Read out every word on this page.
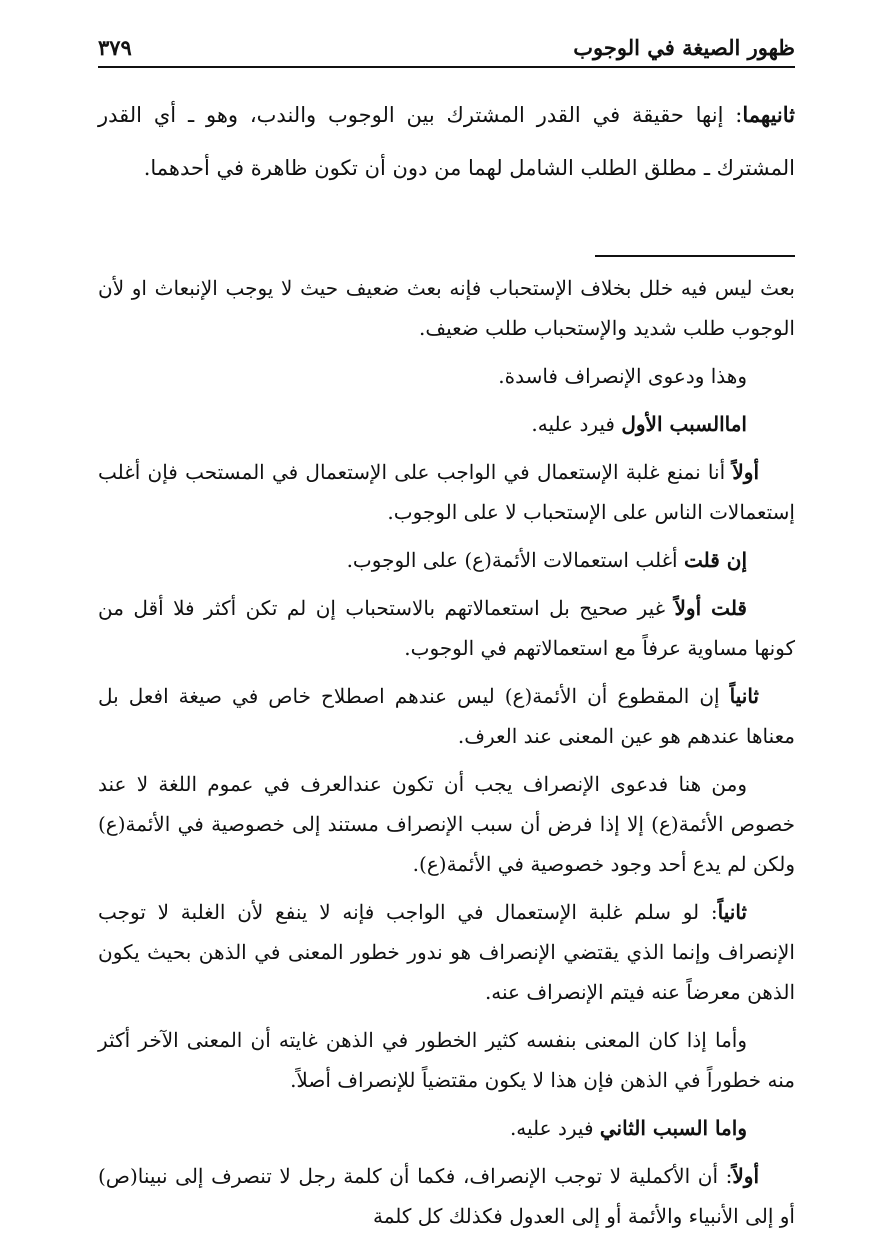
ظهور الصيغة في الوجوب
٣٧٩

ثانيهما: إنها حقيقة في القدر المشترك بين الوجوب والندب، وهو ـ أي القدر المشترك ـ مطلق الطلب الشامل لهما من دون أن تكون ظاهرة في أحدهما.

بعث ليس فيه خلل بخلاف الإستحباب فإنه بعث ضعيف حيث لا يوجب الإنبعاث او لأن الوجوب طلب شديد والإستحباب طلب ضعيف.

وهذا ودعوى الإنصراف فاسدة.

اماالسبب الأول فيرد عليه.

أولاً أنا نمنع غلبة الإستعمال في الواجب على الإستعمال في المستحب فإن أغلب إستعمالات الناس على الإستحباب لا على الوجوب.

إن قلت أغلب استعمالات الأئمة(ع) على الوجوب.

قلت أولاً غير صحيح بل استعمالاتهم بالاستحباب إن لم تكن أكثر فلا أقل من كونها مساوية عرفاً مع استعمالاتهم في الوجوب.

ثانياً إن المقطوع أن الأئمة(ع) ليس عندهم اصطلاح خاص في صيغة افعل بل معناها عندهم هو عين المعنى عند العرف.

ومن هنا فدعوى الإنصراف يجب أن تكون عندالعرف في عموم اللغة لا عند خصوص الأئمة(ع) إلا إذا فرض أن سبب الإنصراف مستند إلى خصوصية في الأئمة(ع) ولكن لم يدع أحد وجود خصوصية في الأئمة(ع).

ثانياً: لو سلم غلبة الإستعمال في الواجب فإنه لا ينفع لأن الغلبة لا توجب الإنصراف وإنما الذي يقتضي الإنصراف هو ندور خطور المعنى في الذهن بحيث يكون الذهن معرضاً عنه فيتم الإنصراف عنه.

وأما إذا كان المعنى بنفسه كثير الخطور في الذهن غايته أن المعنى الآخر أكثر منه خطوراً في الذهن فإن هذا لا يكون مقتضياً للإنصراف أصلاً.

واما السبب الثاني فيرد عليه.

أولاً: أن الأكملية لا توجب الإنصراف، فكما أن كلمة رجل لا تنصرف إلى نبينا(ص) أو إلى الأنبياء والأئمة أو إلى العدول فكذلك كل كلمة
